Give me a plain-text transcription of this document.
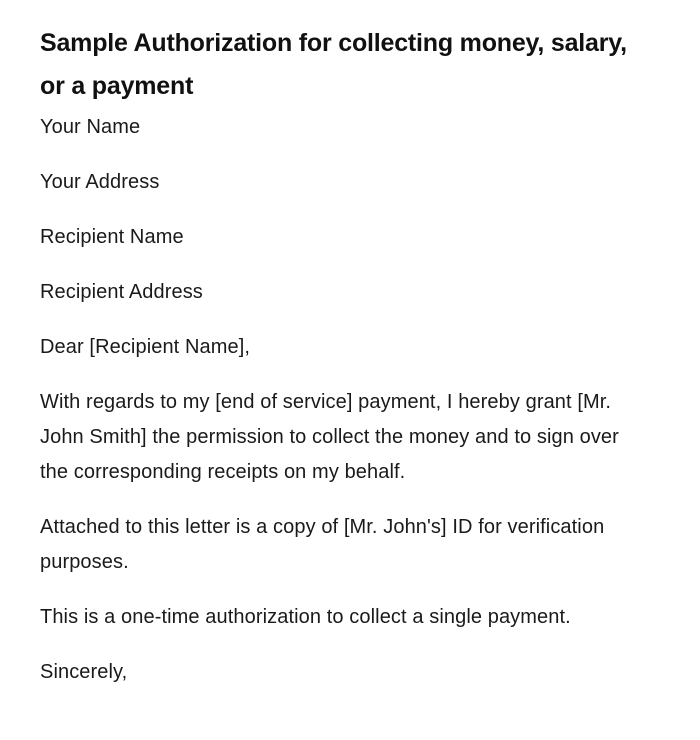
Sample Authorization for collecting money, salary, or a payment

Your Name

Your Address

Recipient Name

Recipient Address

Dear [Recipient Name],

With regards to my [end of service] payment, I hereby grant [Mr. John Smith] the permission to collect the money and to sign over the corresponding receipts on my behalf.

Attached to this letter is a copy of [Mr. John's] ID for verification purposes.

This is a one-time authorization to collect a single payment.

Sincerely,
